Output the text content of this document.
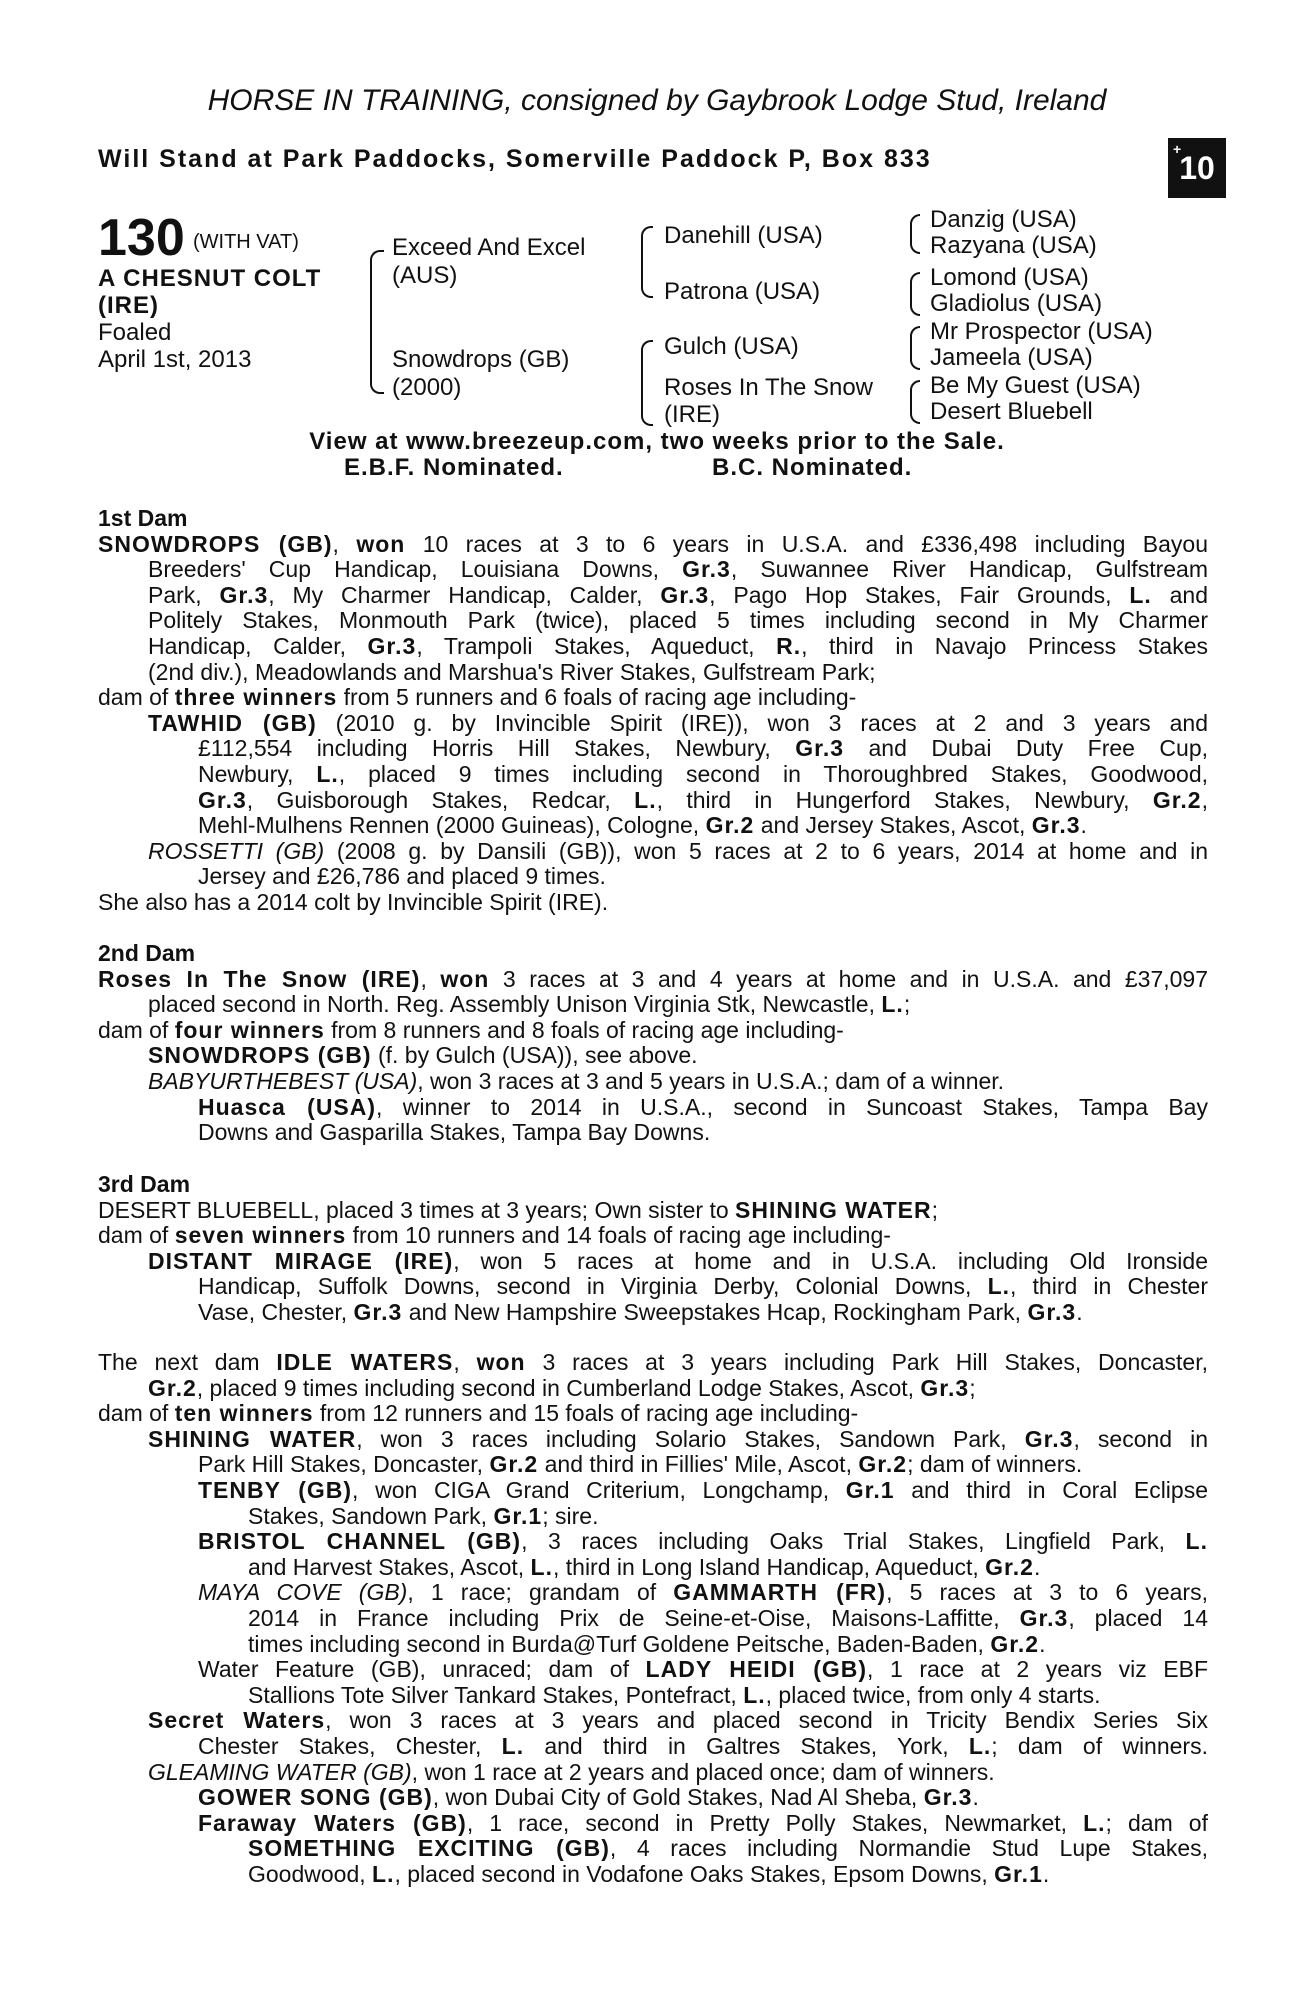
HORSE IN TRAINING, consigned by Gaybrook Lodge Stud, Ireland
Will Stand at Park Paddocks, Somerville Paddock P, Box 833	+
10
130 (WITH VAT)
A CHESNUT COLT
(IRE)
Foaled
April 1st, 2013
Exceed And Excel
(AUS)
Snowdrops (GB)
(2000)
Danehill (USA)
Patrona (USA)
Gulch (USA)
Roses In The Snow
(IRE)
Danzig (USA)
Razyana (USA)
Lomond (USA)
Gladiolus (USA)
Mr Prospector (USA)
Jameela (USA)
Be My Guest (USA)
Desert Bluebell
View at www.breezeup.com, two weeks prior to the Sale.
E.B.F. Nominated.	B.C. Nominated.
1st Dam
SNOWDROPS (GB), won 10 races at 3 to 6 years in U.S.A. and £336,498 including Bayou
Breeders' Cup Handicap, Louisiana Downs, Gr.3, Suwannee River Handicap, Gulfstream
Park, Gr.3, My Charmer Handicap, Calder, Gr.3, Pago Hop Stakes, Fair Grounds, L. and
Politely Stakes, Monmouth Park (twice), placed 5 times including second in My Charmer
Handicap, Calder, Gr.3, Trampoli Stakes, Aqueduct, R., third in Navajo Princess Stakes
(2nd div.), Meadowlands and Marshua's River Stakes, Gulfstream Park;
dam of three winners from 5 runners and 6 foals of racing age including-
TAWHID (GB) (2010 g. by Invincible Spirit (IRE)), won 3 races at 2 and 3 years and
£112,554 including Horris Hill Stakes, Newbury, Gr.3 and Dubai Duty Free Cup,
Newbury, L., placed 9 times including second in Thoroughbred Stakes, Goodwood,
Gr.3, Guisborough Stakes, Redcar, L., third in Hungerford Stakes, Newbury, Gr.2,
Mehl-Mulhens Rennen (2000 Guineas), Cologne, Gr.2 and Jersey Stakes, Ascot, Gr.3.
ROSSETTI (GB) (2008 g. by Dansili (GB)), won 5 races at 2 to 6 years, 2014 at home and in
Jersey and £26,786 and placed 9 times.
She also has a 2014 colt by Invincible Spirit (IRE).
2nd Dam
Roses In The Snow (IRE), won 3 races at 3 and 4 years at home and in U.S.A. and £37,097
placed second in North. Reg. Assembly Unison Virginia Stk, Newcastle, L.;
dam of four winners from 8 runners and 8 foals of racing age including-
SNOWDROPS (GB) (f. by Gulch (USA)), see above.
BABYURTHEBEST (USA), won 3 races at 3 and 5 years in U.S.A.; dam of a winner.
Huasca (USA), winner to 2014 in U.S.A., second in Suncoast Stakes, Tampa Bay
Downs and Gasparilla Stakes, Tampa Bay Downs.
3rd Dam
DESERT BLUEBELL, placed 3 times at 3 years; Own sister to SHINING WATER;
dam of seven winners from 10 runners and 14 foals of racing age including-
DISTANT MIRAGE (IRE), won 5 races at home and in U.S.A. including Old Ironside
Handicap, Suffolk Downs, second in Virginia Derby, Colonial Downs, L., third in Chester
Vase, Chester, Gr.3 and New Hampshire Sweepstakes Hcap, Rockingham Park, Gr.3.
The next dam IDLE WATERS, won 3 races at 3 years including Park Hill Stakes, Doncaster,
Gr.2, placed 9 times including second in Cumberland Lodge Stakes, Ascot, Gr.3;
dam of ten winners from 12 runners and 15 foals of racing age including-
SHINING WATER, won 3 races including Solario Stakes, Sandown Park, Gr.3, second in
Park Hill Stakes, Doncaster, Gr.2 and third in Fillies' Mile, Ascot, Gr.2; dam of winners.
TENBY (GB), won CIGA Grand Criterium, Longchamp, Gr.1 and third in Coral Eclipse
Stakes, Sandown Park, Gr.1; sire.
BRISTOL CHANNEL (GB), 3 races including Oaks Trial Stakes, Lingfield Park, L.
and Harvest Stakes, Ascot, L., third in Long Island Handicap, Aqueduct, Gr.2.
MAYA COVE (GB), 1 race; grandam of GAMMARTH (FR), 5 races at 3 to 6 years,
2014 in France including Prix de Seine-et-Oise, Maisons-Laffitte, Gr.3, placed 14
times including second in Burda@Turf Goldene Peitsche, Baden-Baden, Gr.2.
Water Feature (GB), unraced; dam of LADY HEIDI (GB), 1 race at 2 years viz EBF
Stallions Tote Silver Tankard Stakes, Pontefract, L., placed twice, from only 4 starts.
Secret Waters, won 3 races at 3 years and placed second in Tricity Bendix Series Six
Chester Stakes, Chester, L. and third in Galtres Stakes, York, L.; dam of winners.
GLEAMING WATER (GB), won 1 race at 2 years and placed once; dam of winners.
GOWER SONG (GB), won Dubai City of Gold Stakes, Nad Al Sheba, Gr.3.
Faraway Waters (GB), 1 race, second in Pretty Polly Stakes, Newmarket, L.; dam of
SOMETHING EXCITING (GB), 4 races including Normandie Stud Lupe Stakes,
Goodwood, L., placed second in Vodafone Oaks Stakes, Epsom Downs, Gr.1.
